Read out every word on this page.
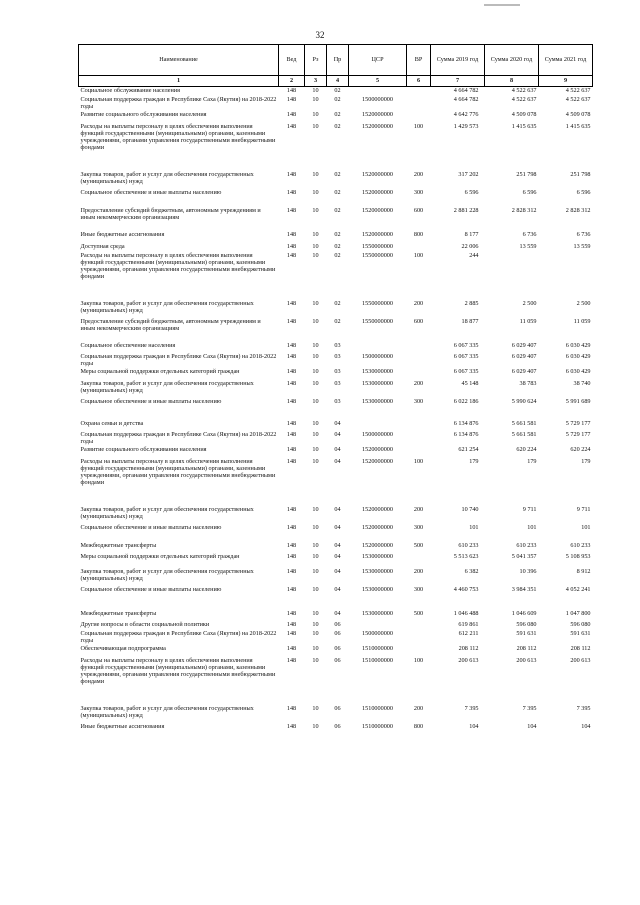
32
Наименование	Вед	Рз	Пр	ЦСР	ВР	Сумма 2019 год	Сумма 2020 год	Сумма 2021 год
1	2	3	4	5	6	7	8	9
Социальное обслуживание населения	148	10	02			4 664 782	4 522 637	4 522 637
Социальная поддержка граждан в Республике Саха (Якутия) на 2018-2022 годы	148	10	02	1500000000		4 664 782	4 522 637	4 522 637
Развитие социального обслуживания населения	148	10	02	1520000000		4 642 776	4 509 078	4 509 078
Расходы на выплаты персоналу в целях обеспечения выполнения функций государственными (муниципальными) органами, казенными учреждениями, органами управления государственными внебюджетными фондами	148	10	02	1520000000	100	1 429 573	1 415 635	1 415 635
Закупка товаров, работ и услуг для обеспечения государственных (муниципальных) нужд	148	10	02	1520000000	200	317 202	251 798	251 798
Социальное обеспечение и иные выплаты населению	148	10	02	1520000000	300	6 596	6 596	6 596
Предоставление субсидий бюджетным, автономным учреждениям и иным некоммерческим организациям	148	10	02	1520000000	600	2 881 228	2 828 312	2 828 312
Иные бюджетные ассигнования	148	10	02	1520000000	800	8 177	6 736	6 736
Доступная среда	148	10	02	1550000000		22 006	13 559	13 559
Расходы на выплаты персоналу в целях обеспечения выполнения функций государственными (муниципальными) органами, казенными учреждениями, органами управления государственными внебюджетными фондами	148	10	02	1550000000	100	244		
Закупка товаров, работ и услуг для обеспечения государственных (муниципальных) нужд	148	10	02	1550000000	200	2 885	2 500	2 500
Предоставление субсидий бюджетным, автономным учреждениям и иным некоммерческим организациям	148	10	02	1550000000	600	18 877	11 059	11 059
Социальное обеспечение населения	148	10	03			6 067 335	6 029 407	6 030 429
Социальная поддержка граждан в Республике Саха (Якутия) на 2018-2022 годы	148	10	03	1500000000		6 067 335	6 029 407	6 030 429
Меры социальной поддержки отдельных категорий граждан	148	10	03	1530000000		6 067 335	6 029 407	6 030 429
Закупка товаров, работ и услуг для обеспечения государственных (муниципальных) нужд	148	10	03	1530000000	200	45 148	38 783	38 740
Социальное обеспечение и иные выплаты населению	148	10	03	1530000000	300	6 022 186	5 990 624	5 991 689
Охрана семьи и детства	148	10	04			6 134 876	5 661 581	5 729 177
Социальная поддержка граждан в Республике Саха (Якутия) на 2018-2022 годы	148	10	04	1500000000		6 134 876	5 661 581	5 729 177
Развитие социального обслуживания населения	148	10	04	1520000000		621 254	620 224	620 224
Расходы на выплаты персоналу в целях обеспечения выполнения функций государственными (муниципальными) органами, казенными учреждениями, органами управления государственными внебюджетными фондами	148	10	04	1520000000	100	179	179	179
Закупка товаров, работ и услуг для обеспечения государственных (муниципальных) нужд	148	10	04	1520000000	200	10 740	9 711	9 711
Социальное обеспечение и иные выплаты населению	148	10	04	1520000000	300	101	101	101
Межбюджетные трансферты	148	10	04	1520000000	500	610 233	610 233	610 233
Меры социальной поддержки отдельных категорий граждан	148	10	04	1530000000		5 513 623	5 041 357	5 108 953
Закупка товаров, работ и услуг для обеспечения государственных (муниципальных) нужд	148	10	04	1530000000	200	6 382	10 396	8 912
Социальное обеспечение и иные выплаты населению	148	10	04	1530000000	300	4 460 753	3 984 351	4 052 241
Межбюджетные трансферты	148	10	04	1530000000	500	1 046 488	1 046 609	1 047 800
Другие вопросы в области социальной политики	148	10	06			619 861	596 080	596 080
Социальная поддержка граждан в Республике Саха (Якутия) на 2018-2022 годы	148	10	06	1500000000		612 211	591 631	591 631
Обеспечивающая подпрограмма	148	10	06	1510000000		208 112	208 112	208 112
Расходы на выплаты персоналу в целях обеспечения выполнения функций государственными (муниципальными) органами, казенными учреждениями, органами управления государственными внебюджетными фондами	148	10	06	1510000000	100	200 613	200 613	200 613
Закупка товаров, работ и услуг для обеспечения государственных (муниципальных) нужд	148	10	06	1510000000	200	7 395	7 395	7 395
Иные бюджетные ассигнования	148	10	06	1510000000	800	104	104	104
